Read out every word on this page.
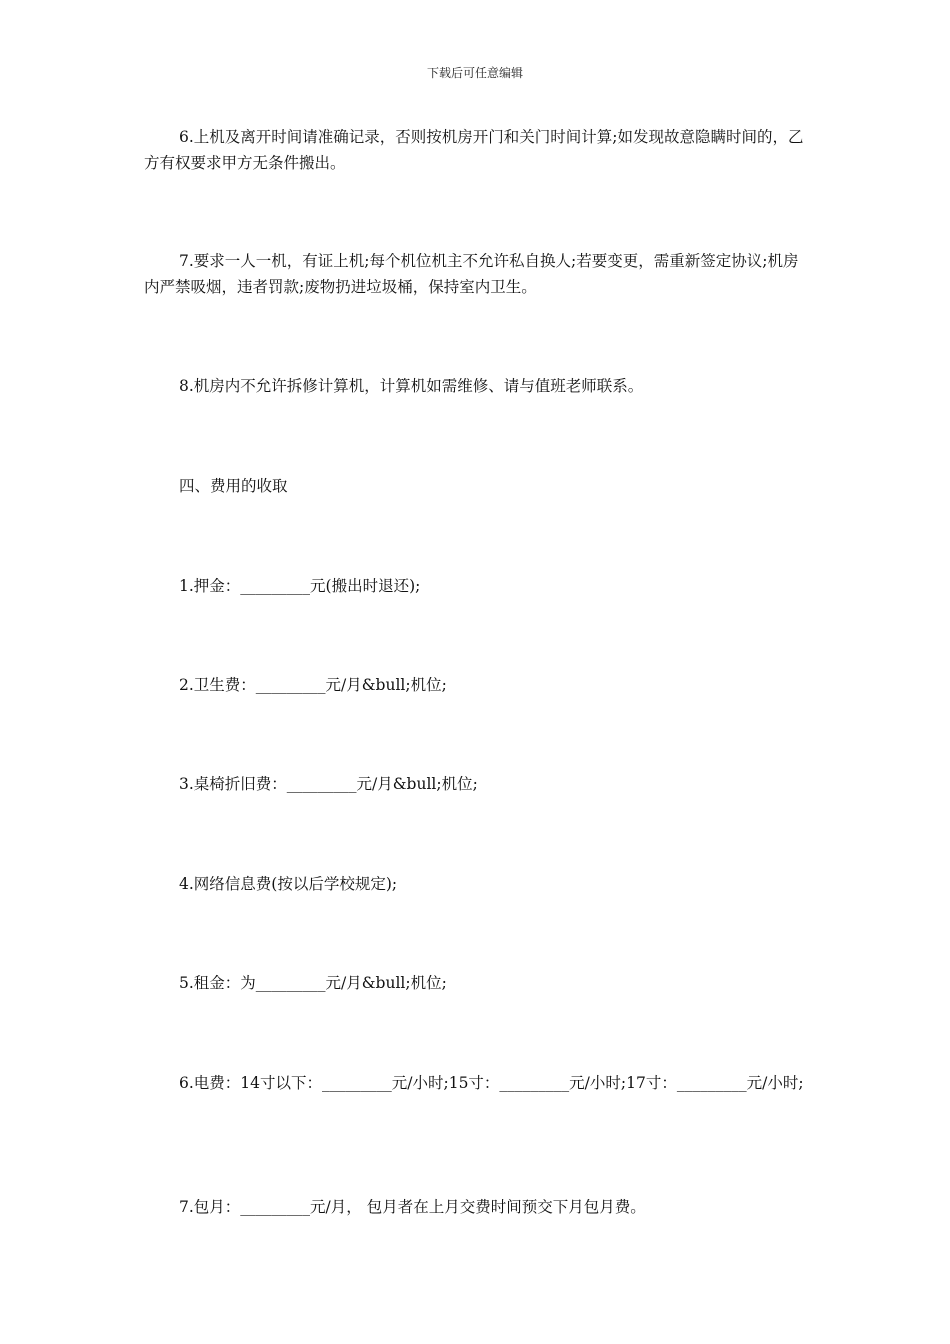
下载后可任意编辑

6.上机及离开时间请准确记录，否则按机房开门和关门时间计算;如发现故意隐瞒时间的，乙方有权要求甲方无条件搬出。

7.要求一人一机，有证上机;每个机位机主不允许私自换人;若要变更，需重新签定协议;机房内严禁吸烟，违者罚款;废物扔进垃圾桶，保持室内卫生。

8.机房内不允许拆修计算机，计算机如需维修、请与值班老师联系。

四、费用的收取

1.押金：_________元(搬出时退还);

2.卫生费：_________元/月&bull;机位;

3.桌椅折旧费：_________元/月&bull;机位;

4.网络信息费(按以后学校规定);

5.租金：为_________元/月&bull;机位;

6.电费：14寸以下：_________元/小时;15寸：_________元/小时;17寸：_________元/小时;

7.包月：_________元/月， 包月者在上月交费时间预交下月包月费。
